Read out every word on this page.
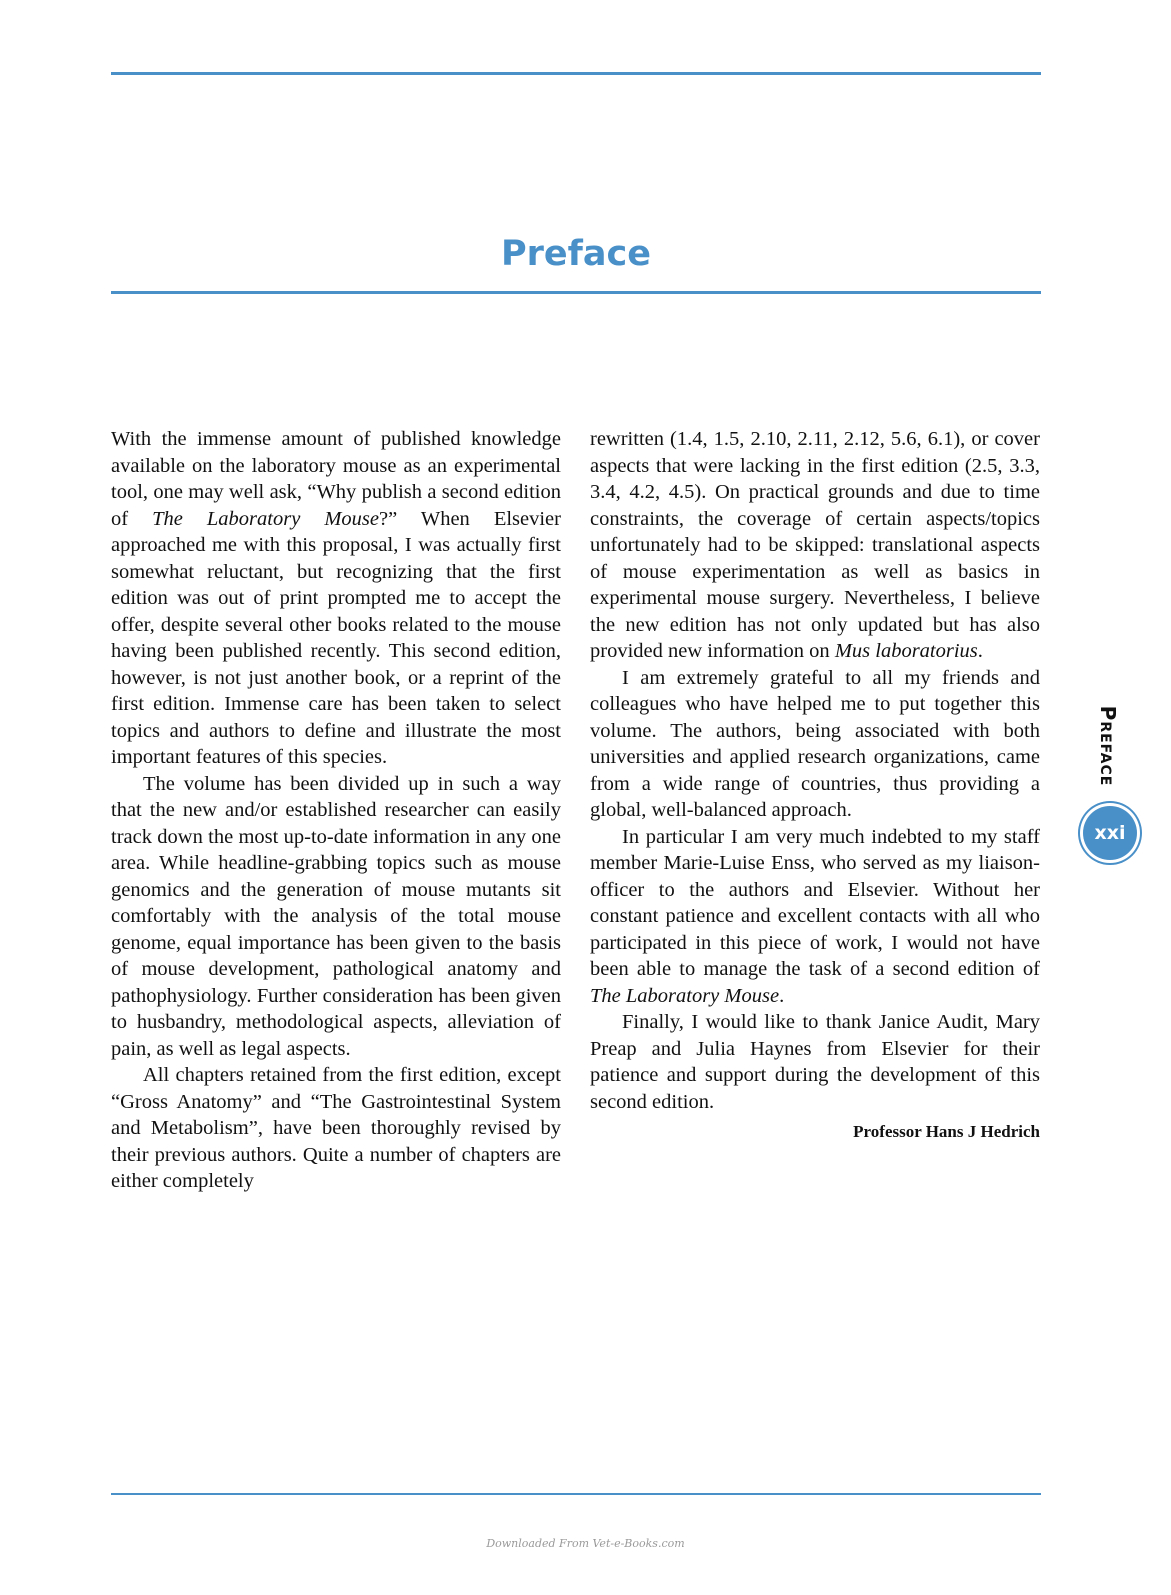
Preface

With the immense amount of published knowledge available on the laboratory mouse as an experimental tool, one may well ask, “Why publish a second edition of The Laboratory Mouse?” When Elsevier approached me with this proposal, I was actually first somewhat reluctant, but recognizing that the first edition was out of print prompted me to accept the offer, despite several other books related to the mouse having been published recently. This second edition, however, is not just another book, or a reprint of the first edition. Immense care has been taken to select topics and authors to define and illustrate the most important features of this species.

The volume has been divided up in such a way that the new and/or established researcher can easily track down the most up-to-date information in any one area. While headline-grabbing topics such as mouse genomics and the generation of mouse mutants sit comfortably with the analysis of the total mouse genome, equal importance has been given to the basis of mouse development, pathological anatomy and pathophysiology. Further consideration has been given to husbandry, methodological aspects, alleviation of pain, as well as legal aspects.

All chapters retained from the first edition, except “Gross Anatomy” and “The Gastrointestinal System and Metabolism”, have been thoroughly revised by their previous authors. Quite a number of chapters are either completely

rewritten (1.4, 1.5, 2.10, 2.11, 2.12, 5.6, 6.1), or cover aspects that were lacking in the first edition (2.5, 3.3, 3.4, 4.2, 4.5). On practical grounds and due to time constraints, the coverage of certain aspects/topics unfortunately had to be skipped: translational aspects of mouse experimentation as well as basics in experimental mouse surgery. Nevertheless, I believe the new edition has not only updated but has also provided new information on Mus laboratorius.

I am extremely grateful to all my friends and colleagues who have helped me to put together this volume. The authors, being associated with both universities and applied research organizations, came from a wide range of countries, thus providing a global, well-balanced approach.

In particular I am very much indebted to my staff member Marie-Luise Enss, who served as my liaison-officer to the authors and Elsevier. Without her constant patience and excellent contacts with all who participated in this piece of work, I would not have been able to manage the task of a second edition of The Laboratory Mouse.

Finally, I would like to thank Janice Audit, Mary Preap and Julia Haynes from Elsevier for their patience and support during the development of this second edition.

Professor Hans J Hedrich
Preface
xxi
Downloaded From Vet-e-Books.com
